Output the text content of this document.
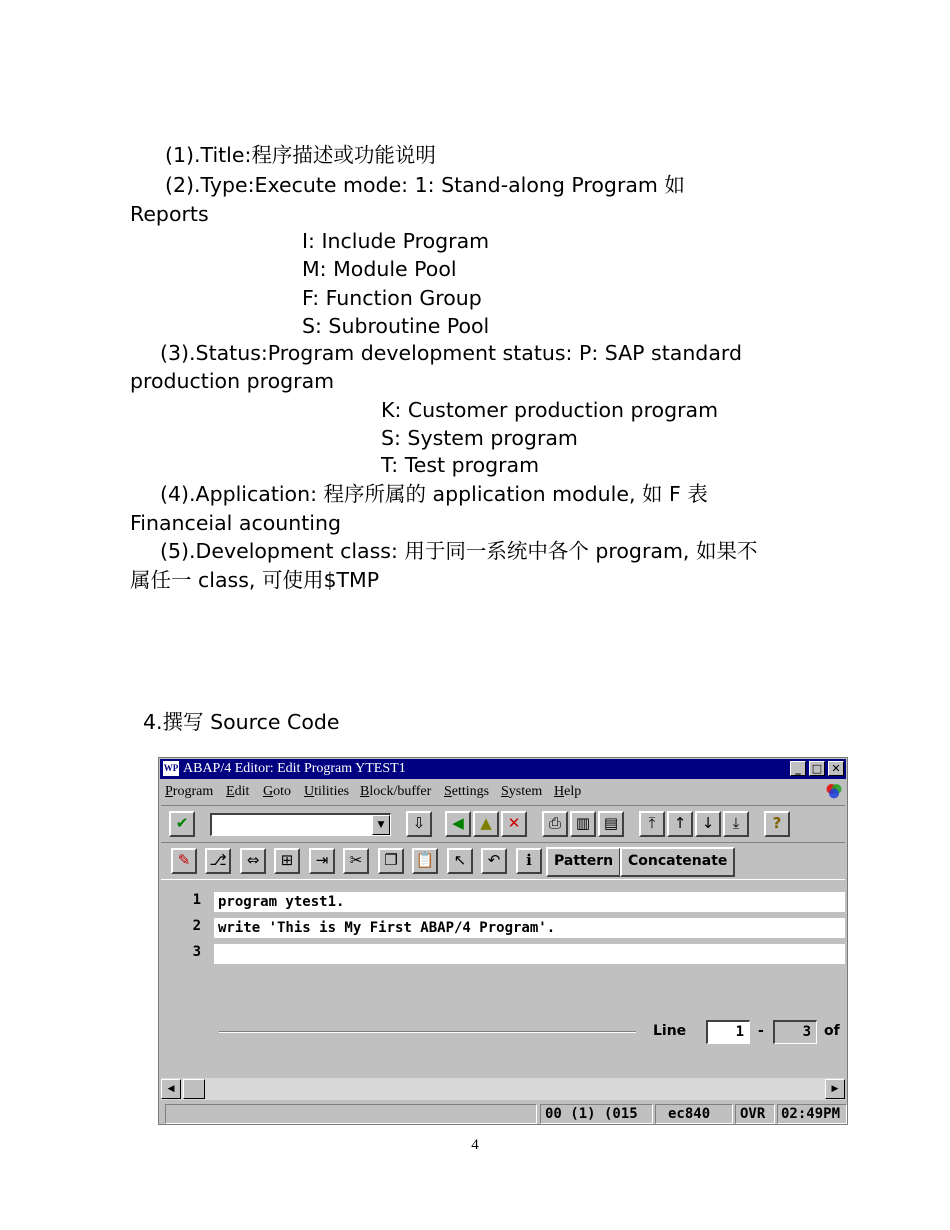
(1).Title:程序描述或功能说明
(2).Type:Execute mode: 1: Stand-along Program 如
Reports
I: Include Program
M: Module Pool
F: Function Group
S: Subroutine Pool
(3).Status:Program development status: P: SAP standard
production program
K: Customer production program
S: System program
T: Test program
(4).Application: 程序所属的 application module, 如 F 表
Financeial acounting
(5).Development class: 用于同一系统中各个 program, 如果不
属任一 class, 可使用$TMP
4.撰写 Source Code
WP ABAP/4 Editor: Edit Program YTEST1	_	□ ✕
Program Edit Goto Utilities Block/buffer Settings System Help
✔	▼	⇩	◀	▲	✕	⎙ ▥ ▤	⤒	↑	↓	⤓	?
✎	⎇	⇔	⊞	⇥	✂	❐	📋	↖	↶	ℹ	Pattern	Concatenate
1 program ytest1.
2 write 'This is My First ABAP/4 Program'.
3
Line	1	-	3 of
◀	▶
00 (1) (015	ec840	OVR	02:49PM
4
